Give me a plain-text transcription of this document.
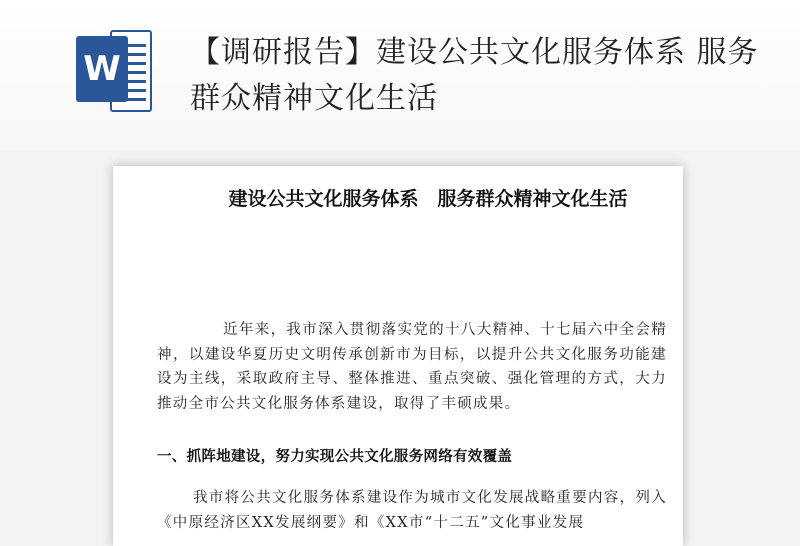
W 【调研报告】建设公共文化服务体系 服务群众精神文化生活
建设公共文化服务体系　服务群众精神文化生活
近年来，我市深入贯彻落实党的十八大精神、十七届六中全会精神，以建设华夏历史文明传承创新市为目标，以提升公共文化服务功能建设为主线，采取政府主导、整体推进、重点突破、强化管理的方式，大力推动全市公共文化服务体系建设，取得了丰硕成果。
一、抓阵地建设，努力实现公共文化服务网络有效覆盖
我市将公共文化服务体系建设作为城市文化发展战略重要内容，列入《中原经济区XX发展纲要》和《XX市“十二五”文化事业发展
